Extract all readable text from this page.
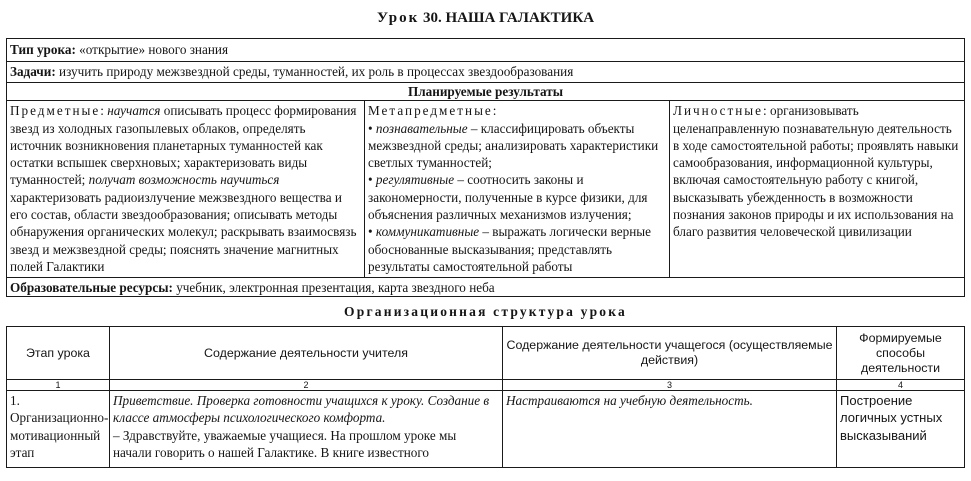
Урок 30. НАША ГАЛАКТИКА
Тип урока: «открытие» нового знания
Задачи: изучить природу межзвездной среды, туманностей, их роль в процессах звездообразования
Планируемые результаты
Предметные: научатся описывать процесс формирования звезд из холодных газопылевых облаков, определять источник возникновения планетарных туманностей как остатки вспышек сверхновых; характеризовать виды туманностей; получат возможность научиться характеризовать радиоизлучение межзвездного вещества и его состав, области звездообразования; описывать методы обнаружения органических молекул; раскрывать взаимосвязь звезд и межзвездной среды; пояснять значение магнитных полей Галактики	Метапредметные:
• познавательные – классифицировать объекты межзвездной среды; анализировать характеристики светлых туманностей;
• регулятивные – соотносить законы и закономерности, полученные в курсе физики, для объяснения различных механизмов излучения;
• коммуникативные – выражать логически верные обоснованные высказывания; представлять результаты самостоятельной работы	Личностные: организовывать целенаправленную познавательную деятельность в ходе самостоятельной работы; проявлять навыки самообразования, информационной культуры, включая самостоятельную работу с книгой, высказывать убежденность в возможности познания законов природы и их использования на благо развития человеческой цивилизации
Образовательные ресурсы: учебник, электронная презентация, карта звездного неба
Организационная структура урока
Этап урока	Содержание деятельности учителя	Содержание деятельности учащегося (осуществляемые действия)	Формируемые способы деятельности
1	2	3	4
1. Организационно-мотивационный этап	Приветствие. Проверка готовности учащихся к уроку. Создание в классе атмосферы психологического комфорта.
– Здравствуйте, уважаемые учащиеся. На прошлом уроке мы начали говорить о нашей Галактике. В книге известного	Настраиваются на учебную деятельность.	Построение логичных устных высказываний
